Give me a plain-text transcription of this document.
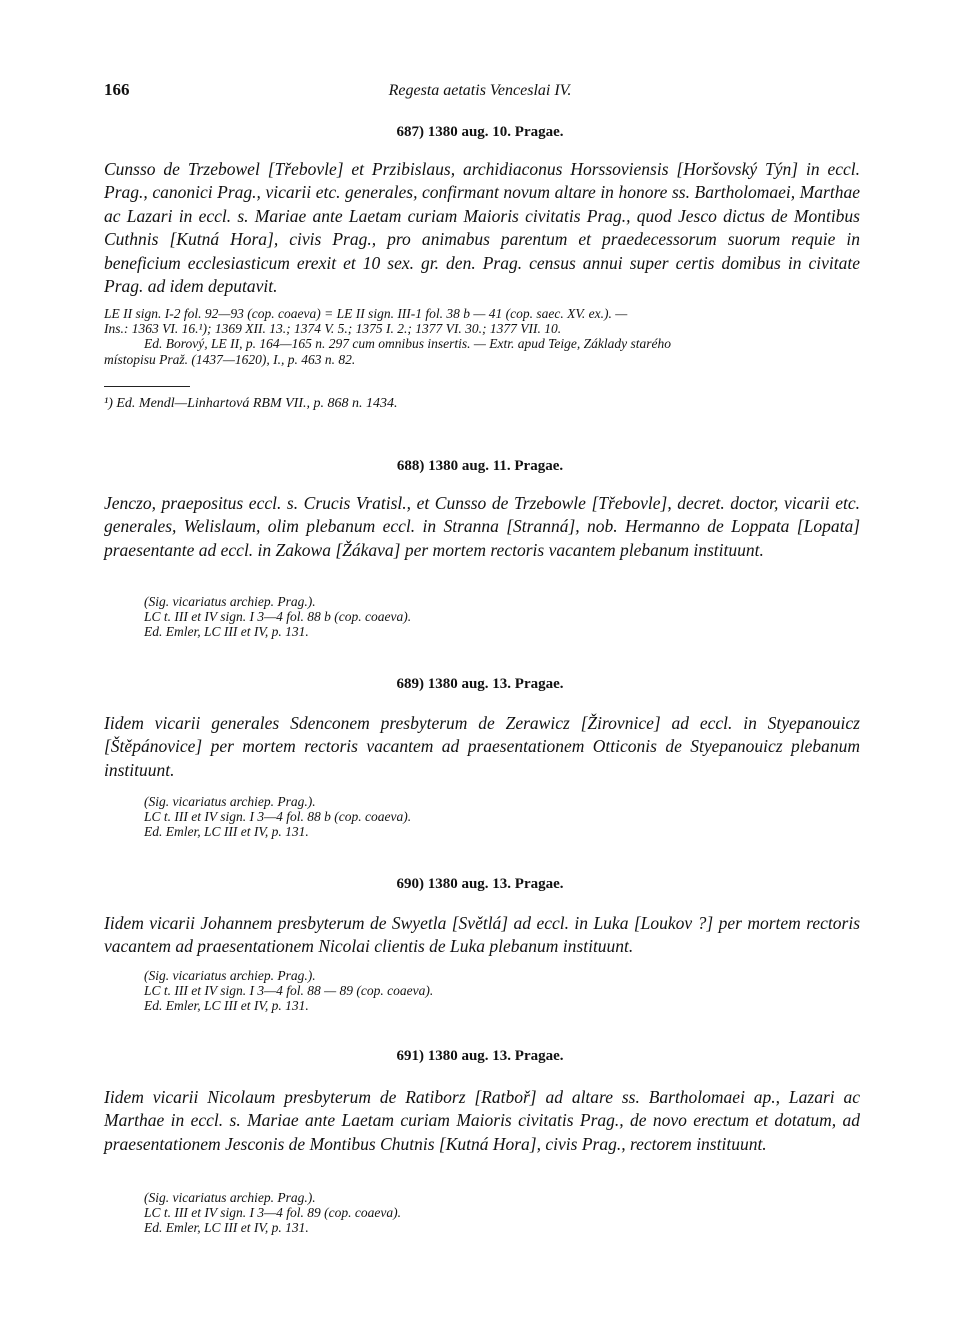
166	Regesta aetatis Venceslai IV.
687) 1380 aug. 10. Pragae.
Cunsso de Trzebowel [Třebovle] et Przibislaus, archidiaconus Horssoviensis [Horšovský Týn] in eccl. Prag., canonici Prag., vicarii etc. generales, confirmant novum altare in honore ss. Bartholomaei, Marthae ac Lazari in eccl. s. Mariae ante Laetam curiam Maioris civitatis Prag., quod Jesco dictus de Montibus Cuthnis [Kutná Hora], civis Prag., pro animabus parentum et praedecessorum suorum requie in beneficium ecclesiasticum erexit et 10 sex. gr. den. Prag. census annui super certis domibus in civitate Prag. ad idem deputavit.
LE II sign. I-2 fol. 92—93 (cop. coaeva) = LE II sign. III-1 fol. 38 b — 41 (cop. saec. XV. ex.). —
Ins.: 1363 VI. 16.¹); 1369 XII. 13.; 1374 V. 5.; 1375 I. 2.; 1377 VI. 30.; 1377 VII. 10.
Ed. Borový, LE II, p. 164—165 n. 297 cum omnibus insertis. — Extr. apud Teige, Základy starého
místopisu Praž. (1437—1620), I., p. 463 n. 82.
¹) Ed. Mendl—Linhartová RBM VII., p. 868 n. 1434.
688) 1380 aug. 11. Pragae.
Jenczo, praepositus eccl. s. Crucis Vratisl., et Cunsso de Trzebowle [Třebovle], decret. doctor, vicarii etc. generales, Welislaum, olim plebanum eccl. in Stranna [Stranná], nob. Hermanno de Loppata [Lopata] praesentante ad eccl. in Zakowa [Žákava] per mortem rectoris vacantem plebanum instituunt.
(Sig. vicariatus archiep. Prag.).
LC t. III et IV sign. I 3—4 fol. 88 b (cop. coaeva).
Ed. Emler, LC III et IV, p. 131.
689) 1380 aug. 13. Pragae.
Iidem vicarii generales Sdenconem presbyterum de Zerawicz [Žirovnice] ad eccl. in Styepanouicz [Štěpánovice] per mortem rectoris vacantem ad praesentationem Otticonis de Styepanouicz plebanum instituunt.
(Sig. vicariatus archiep. Prag.).
LC t. III et IV sign. I 3—4 fol. 88 b (cop. coaeva).
Ed. Emler, LC III et IV, p. 131.
690) 1380 aug. 13. Pragae.
Iidem vicarii Johannem presbyterum de Swyetla [Světlá] ad eccl. in Luka [Loukov ?] per mortem rectoris vacantem ad praesentationem Nicolai clientis de Luka plebanum instituunt.
(Sig. vicariatus archiep. Prag.).
LC t. III et IV sign. I 3—4 fol. 88 — 89 (cop. coaeva).
Ed. Emler, LC III et IV, p. 131.
691) 1380 aug. 13. Pragae.
Iidem vicarii Nicolaum presbyterum de Ratiborz [Ratboř] ad altare ss. Bartholomaei ap., Lazari ac Marthae in eccl. s. Mariae ante Laetam curiam Maioris civitatis Prag., de novo erectum et dotatum, ad praesentationem Jesconis de Montibus Chutnis [Kutná Hora], civis Prag., rectorem instituunt.
(Sig. vicariatus archiep. Prag.).
LC t. III et IV sign. I 3—4 fol. 89 (cop. coaeva).
Ed. Emler, LC III et IV, p. 131.
